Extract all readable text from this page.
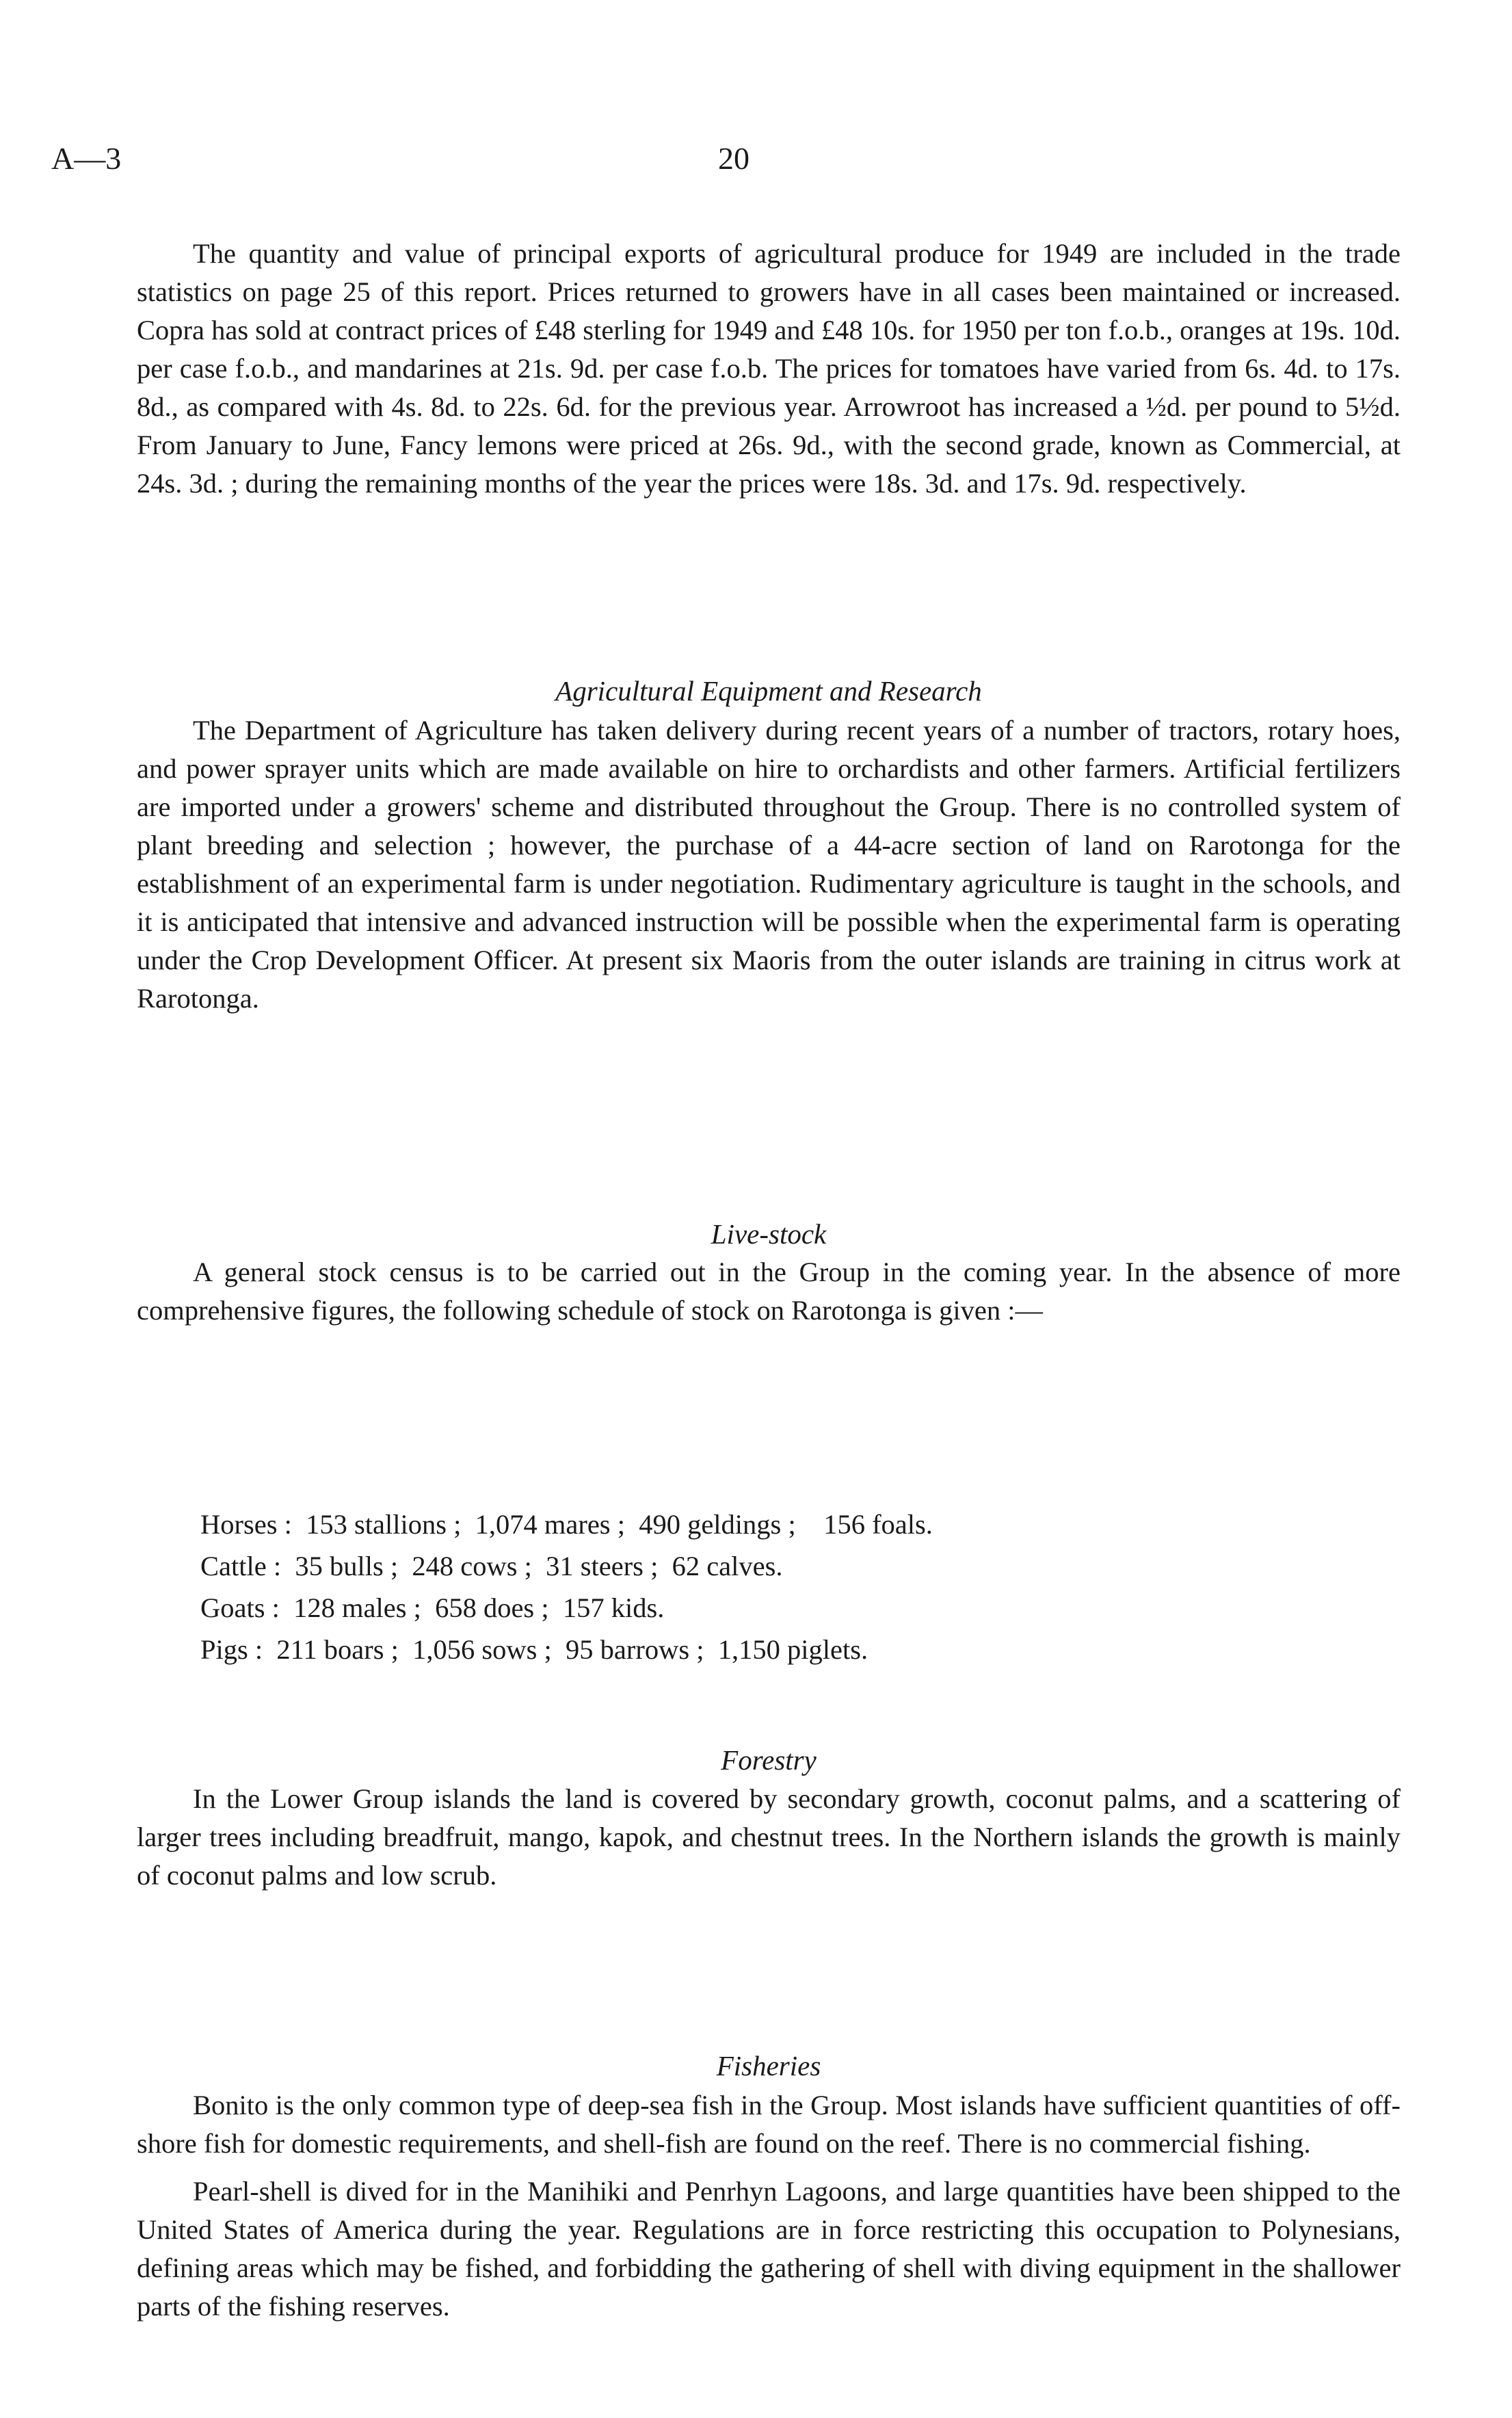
A—3	20

The quantity and value of principal exports of agricultural produce for 1949 are included in the trade statistics on page 25 of this report. Prices returned to growers have in all cases been maintained or increased. Copra has sold at contract prices of £48 sterling for 1949 and £48 10s. for 1950 per ton f.o.b., oranges at 19s. 10d. per case f.o.b., and mandarines at 21s. 9d. per case f.o.b. The prices for tomatoes have varied from 6s. 4d. to 17s. 8d., as compared with 4s. 8d. to 22s. 6d. for the previous year. Arrowroot has increased a ½d. per pound to 5½d. From January to June, Fancy lemons were priced at 26s. 9d., with the second grade, known as Commercial, at 24s. 3d. ; during the remaining months of the year the prices were 18s. 3d. and 17s. 9d. respectively.

Agricultural Equipment and Research

The Department of Agriculture has taken delivery during recent years of a number of tractors, rotary hoes, and power sprayer units which are made available on hire to orchardists and other farmers. Artificial fertilizers are imported under a growers' scheme and distributed throughout the Group. There is no controlled system of plant breeding and selection ; however, the purchase of a 44-acre section of land on Rarotonga for the establishment of an experimental farm is under negotiation. Rudimentary agriculture is taught in the schools, and it is anticipated that intensive and advanced instruction will be possible when the experimental farm is operating under the Crop Development Officer. At present six Maoris from the outer islands are training in citrus work at Rarotonga.

Live-stock

A general stock census is to be carried out in the Group in the coming year. In the absence of more comprehensive figures, the following schedule of stock on Rarotonga is given :—

Horses :  153 stallions ;  1,074 mares ;  490 geldings ;    156 foals.
Cattle :  35 bulls ;  248 cows ;  31 steers ;  62 calves.
Goats :  128 males ;  658 does ;  157 kids.
Pigs :  211 boars ;  1,056 sows ;  95 barrows ;  1,150 piglets.
Forestry

In the Lower Group islands the land is covered by secondary growth, coconut palms, and a scattering of larger trees including breadfruit, mango, kapok, and chestnut trees. In the Northern islands the growth is mainly of coconut palms and low scrub.

Fisheries

Bonito is the only common type of deep-sea fish in the Group. Most islands have sufficient quantities of off-shore fish for domestic requirements, and shell-fish are found on the reef. There is no commercial fishing.

Pearl-shell is dived for in the Manihiki and Penrhyn Lagoons, and large quantities have been shipped to the United States of America during the year. Regulations are in force restricting this occupation to Polynesians, defining areas which may be fished, and forbidding the gathering of shell with diving equipment in the shallower parts of the fishing reserves.
